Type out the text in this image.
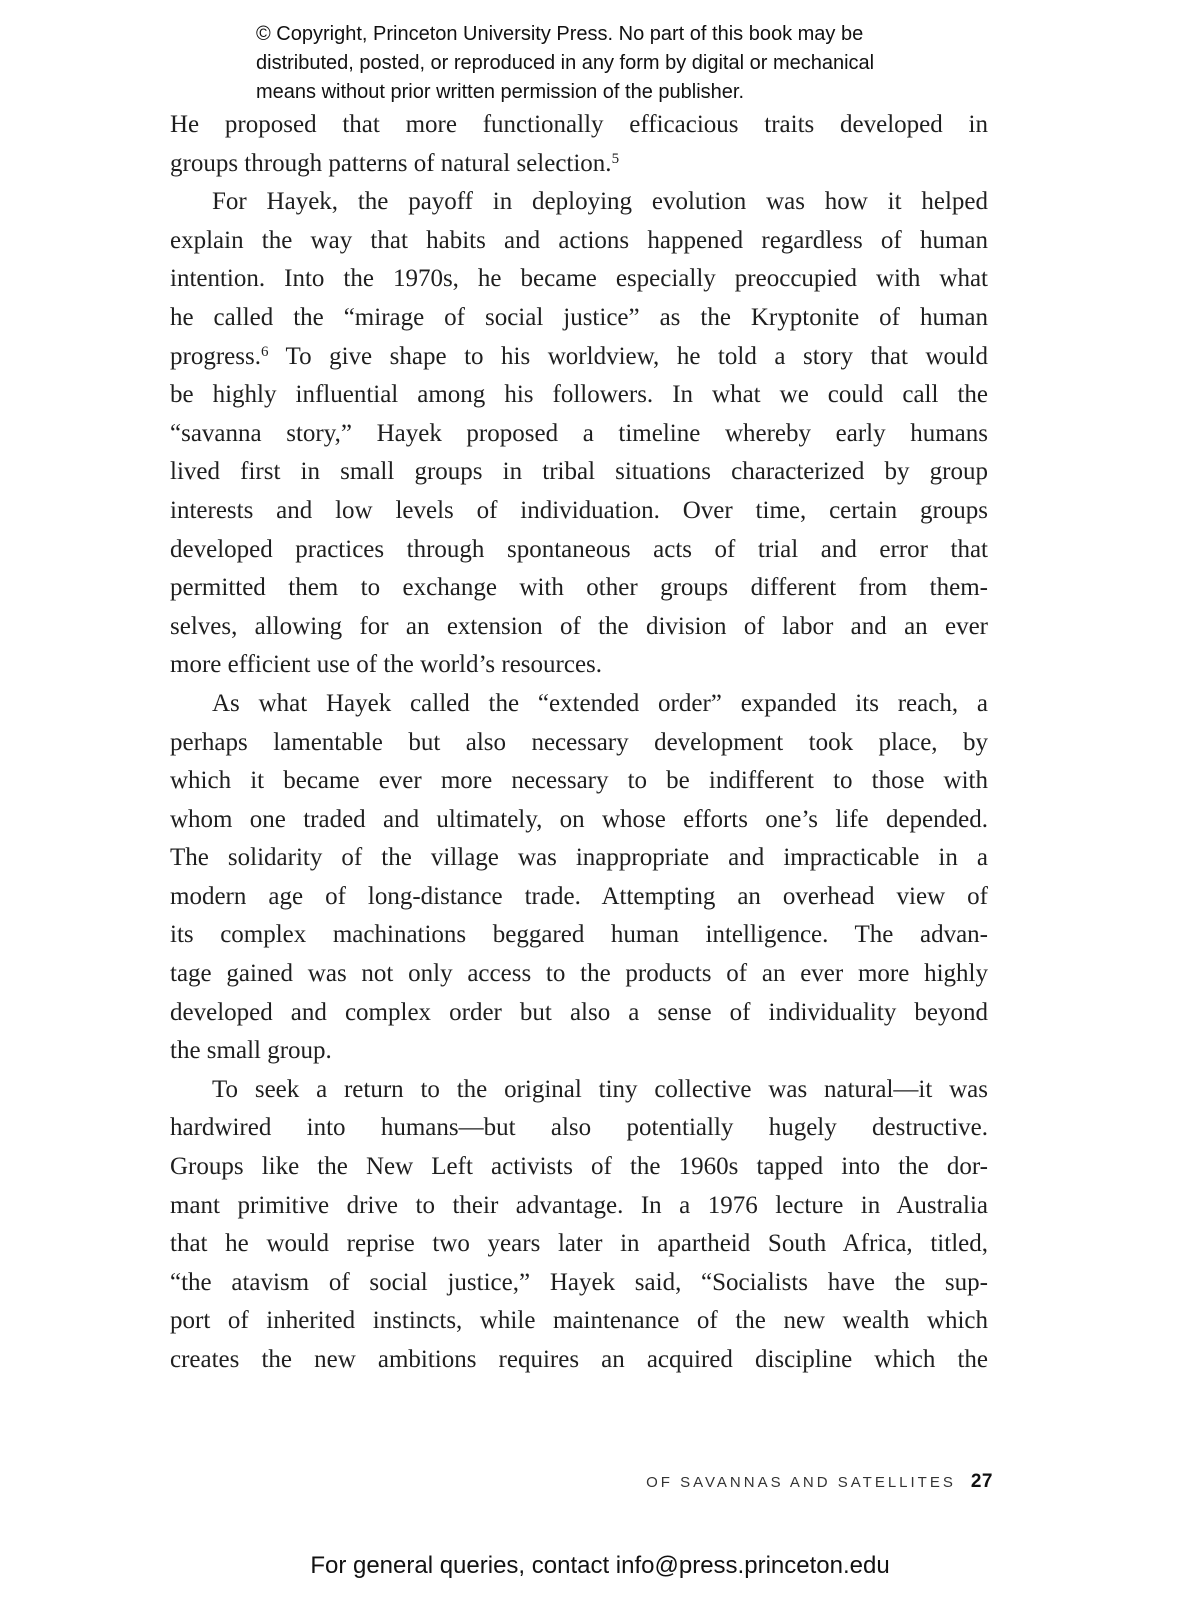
© Copyright, Princeton University Press. No part of this book may be
distributed, posted, or reproduced in any form by digital or mechanical
means without prior written permission of the publisher.
He proposed that more functionally efficacious traits developed in
groups through patterns of natural selection.$^5$
For Hayek, the payoff in deploying evolution was how it helped
explain the way that habits and actions happened regardless of human
intention. Into the 1970s, he became especially preoccupied with what
he called the “mirage of social justice” as the Kryptonite of human
progress.$^6$ To give shape to his worldview, he told a story that would
be highly influential among his followers. In what we could call the
“savanna story,” Hayek proposed a timeline whereby early humans
lived first in small groups in tribal situations characterized by group
interests and low levels of individuation. Over time, certain groups
developed practices through spontaneous acts of trial and error that
permitted them to exchange with other groups different from them-
selves, allowing for an extension of the division of labor and an ever
more efficient use of the world’s resources.
As what Hayek called the “extended order” expanded its reach, a
perhaps lamentable but also necessary development took place, by
which it became ever more necessary to be indifferent to those with
whom one traded and ultimately, on whose efforts one’s life depended.
The solidarity of the village was inappropriate and impracticable in a
modern age of long-distance trade. Attempting an overhead view of
its complex machinations beggared human intelligence. The advan-
tage gained was not only access to the products of an ever more highly
developed and complex order but also a sense of individuality beyond
the small group.
To seek a return to the original tiny collective was natural—it was
hardwired into humans—but also potentially hugely destructive.
Groups like the New Left activists of the 1960s tapped into the dor-
mant primitive drive to their advantage. In a 1976 lecture in Australia
that he would reprise two years later in apartheid South Africa, titled,
“the atavism of social justice,” Hayek said, “Socialists have the sup-
port of inherited instincts, while maintenance of the new wealth which
creates the new ambitions requires an acquired discipline which the
OF SAVANNAS AND SATELLITES 27
For general queries, contact info@press.princeton.edu
